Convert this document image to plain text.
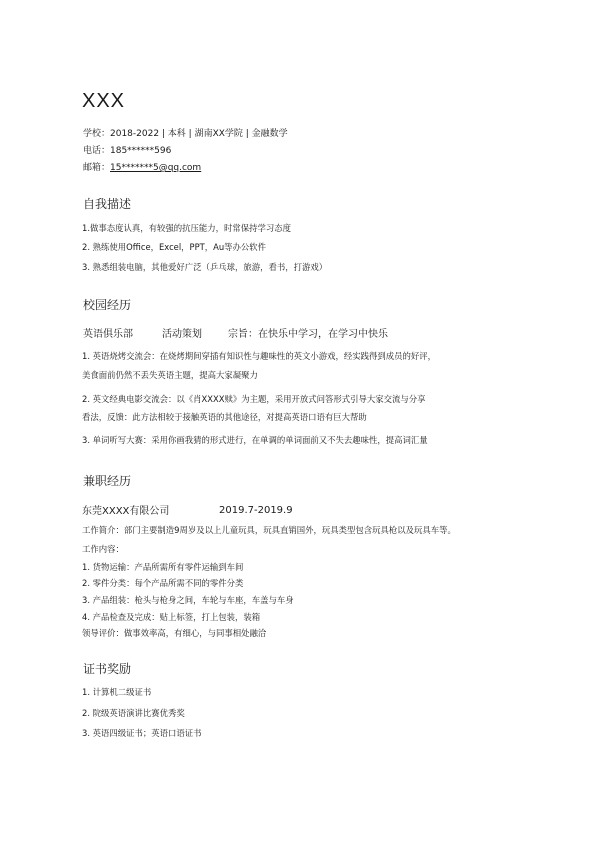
XXX
学校：2018-2022 | 本科 | 湖南XX学院 | 金融数学
电话：185******596
邮箱：15*******5@qq.com
自我描述
1.做事态度认真，有较强的抗压能力，时常保持学习态度
2. 熟练使用Office，Excel，PPT，Au等办公软件
3. 熟悉组装电脑，其他爱好广泛（乒乓球，旅游，看书，打游戏）
校园经历
英语俱乐部	活动策划	宗旨：在快乐中学习，在学习中快乐
1. 英语烧烤交流会：在烧烤期间穿插有知识性与趣味性的英文小游戏，经实践得到成员的好评，
美食面前仍然不丢失英语主题，提高大家凝聚力
2. 英文经典电影交流会：以《肖XXXX赎》为主题，采用开放式问答形式引导大家交流与分享
看法，反馈：此方法相较于接触英语的其他途径，对提高英语口语有巨大帮助
3. 单词听写大赛：采用你画我猜的形式进行，在单调的单词面前又不失去趣味性，提高词汇量
兼职经历
东莞XXXX有限公司	2019.7-2019.9
工作简介：部门主要制造9周岁及以上儿童玩具，玩具直销国外，玩具类型包含玩具枪以及玩具车等。
工作内容：
1. 货物运输：产品所需所有零件运输到车间
2. 零件分类：每个产品所需不同的零件分类
3. 产品组装：枪头与枪身之间，车轮与车座，车盖与车身
4. 产品检查及完成：贴上标签，打上包装，装箱
领导评价：做事效率高，有细心，与同事相处融洽
证书奖励
1. 计算机二级证书
2. 院级英语演讲比赛优秀奖
3. 英语四级证书；英语口语证书
